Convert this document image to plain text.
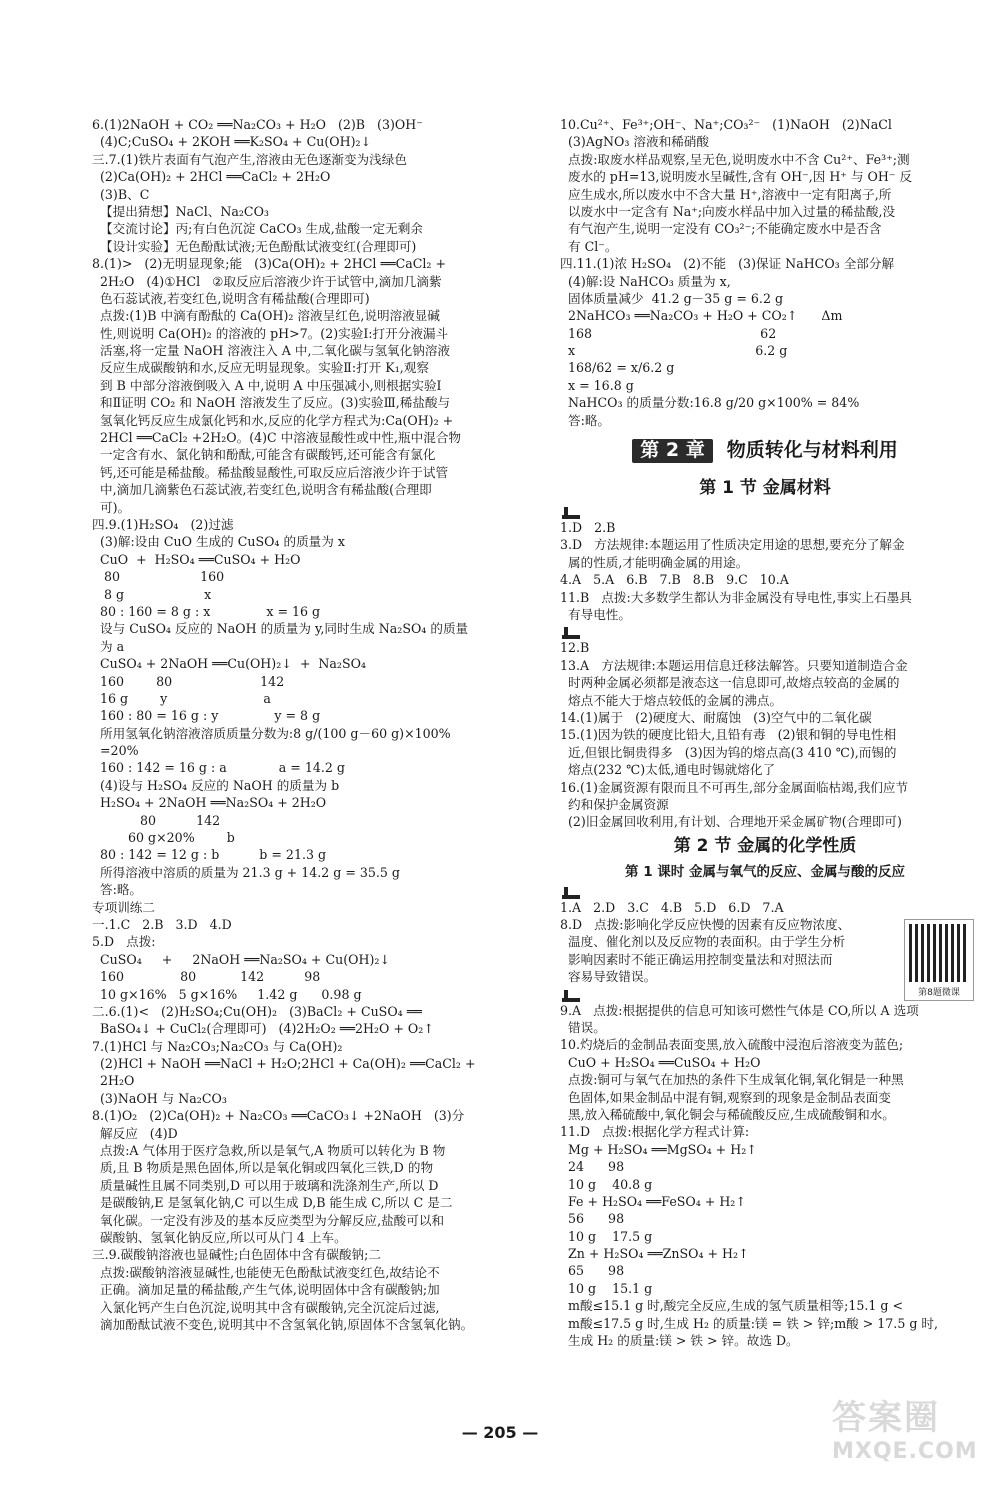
6.(1)2NaOH + CO₂ ══Na₂CO₃ + H₂O   (2)B   (3)OH⁻
(4)C;CuSO₄ + 2KOH ══K₂SO₄ + Cu(OH)₂↓
三.7.(1)铁片表面有气泡产生,溶液由无色逐渐变为浅绿色
(2)Ca(OH)₂ + 2HCl ══CaCl₂ + 2H₂O
(3)B、C
【提出猜想】NaCl、Na₂CO₃
【交流讨论】丙;有白色沉淀 CaCO₃ 生成,盐酸一定无剩余
【设计实验】无色酚酞试液;无色酚酞试液变红(合理即可)
8.(1)>   (2)无明显现象;能   (3)Ca(OH)₂ + 2HCl ══CaCl₂ +
2H₂O   (4)①HCl   ②取反应后溶液少许于试管中,滴加几滴紫
色石蕊试液,若变红色,说明含有稀盐酸(合理即可)
点拨:(1)B 中滴有酚酞的 Ca(OH)₂ 溶液呈红色,说明溶液显碱
性,则说明 Ca(OH)₂ 的溶液的 pH>7。(2)实验Ⅰ:打开分液漏斗
活塞,将一定量 NaOH 溶液注入 A 中,二氧化碳与氢氧化钠溶液
反应生成碳酸钠和水,反应无明显现象。实验Ⅱ:打开 K₁,观察
到 B 中部分溶液倒吸入 A 中,说明 A 中压强减小,则根据实验Ⅰ
和Ⅱ证明 CO₂ 和 NaOH 溶液发生了反应。(3)实验Ⅲ,稀盐酸与
氢氧化钙反应生成氯化钙和水,反应的化学方程式为:Ca(OH)₂ +
2HCl ══CaCl₂ +2H₂O。(4)C 中溶液显酸性或中性,瓶中混合物
一定含有水、氯化钠和酚酞,可能含有碳酸钙,还可能含有氯化
钙,还可能是稀盐酸。稀盐酸显酸性,可取反应后溶液少许于试管
中,滴加几滴紫色石蕊试液,若变红色,说明含有稀盐酸(合理即
可)。
四.9.(1)H₂SO₄   (2)过滤
(3)解:设由 CuO 生成的 CuSO₄ 的质量为 x
CuO  +  H₂SO₄ ══CuSO₄ + H₂O
80                    160
8 g                    x
80 : 160 = 8 g : x              x = 16 g
设与 CuSO₄ 反应的 NaOH 的质量为 y,同时生成 Na₂SO₄ 的质量
为 a
CuSO₄ + 2NaOH ══Cu(OH)₂↓  +  Na₂SO₄
160        80                      142
16 g        y                        a
160 : 80 = 16 g : y              y = 8 g
所用氢氧化钠溶液溶质质量分数为:8 g/(100 g－60 g)×100%
=20%
160 : 142 = 16 g : a             a = 14.2 g
(4)设与 H₂SO₄ 反应的 NaOH 的质量为 b
H₂SO₄ + 2NaOH ══Na₂SO₄ + 2H₂O
80          142
60 g×20%        b
80 : 142 = 12 g : b          b = 21.3 g
所得溶液中溶质的质量为 21.3 g + 14.2 g = 35.5 g
答:略。
专项训练二
一.1.C   2.B   3.D   4.D
5.D   点拨:
CuSO₄     +     2NaOH ══Na₂SO₄ + Cu(OH)₂↓
160              80           142          98
10 g×16%   5 g×16%     1.42 g      0.98 g
二.6.(1)<   (2)H₂SO₄;Cu(OH)₂   (3)BaCl₂ + CuSO₄ ══
BaSO₄↓ + CuCl₂(合理即可)   (4)2H₂O₂ ══2H₂O + O₂↑
7.(1)HCl 与 Na₂CO₃;Na₂CO₃ 与 Ca(OH)₂
(2)HCl + NaOH ══NaCl + H₂O;2HCl + Ca(OH)₂ ══CaCl₂ +
2H₂O
(3)NaOH 与 Na₂CO₃
8.(1)O₂   (2)Ca(OH)₂ + Na₂CO₃ ══CaCO₃↓ +2NaOH   (3)分
解反应   (4)D
点拨:A 气体用于医疗急救,所以是氧气,A 物质可以转化为 B 物
质,且 B 物质是黑色固体,所以是氧化铜或四氧化三铁,D 的物
质量碱性且属不同类别,D 可以用于玻璃和洗涤剂生产,所以 D
是碳酸钠,E 是氢氧化钠,C 可以生成 D,B 能生成 C,所以 C 是二
氧化碳。一定没有涉及的基本反应类型为分解反应,盐酸可以和
碳酸钠、氢氧化钠反应,所以可从门 4 上车。
三.9.碳酸钠溶液也显碱性;白色固体中含有碳酸钠;二
点拨:碳酸钠溶液显碱性,也能使无色酚酞试液变红色,故结论不
正确。滴加足量的稀盐酸,产生气体,说明固体中含有碳酸钠;加
入氯化钙产生白色沉淀,说明其中含有碳酸钠,完全沉淀后过滤,
滴加酚酞试液不变色,说明其中不含氢氧化钠,原固体不含氢氧化钠。
10.Cu²⁺、Fe³⁺;OH⁻、Na⁺;CO₃²⁻   (1)NaOH   (2)NaCl
(3)AgNO₃ 溶液和稀硝酸
点拨:取废水样品观察,呈无色,说明废水中不含 Cu²⁺、Fe³⁺;测
废水的 pH=13,说明废水呈碱性,含有 OH⁻,因 H⁺ 与 OH⁻ 反
应生成水,所以废水中不含大量 H⁺,溶液中一定有阳离子,所
以废水中一定含有 Na⁺;向废水样品中加入过量的稀盐酸,没
有气泡产生,说明一定没有 CO₃²⁻;不能确定废水中是否含
有 Cl⁻。
四.11.(1)浓 H₂SO₄   (2)不能   (3)保证 NaHCO₃ 全部分解
(4)解:设 NaHCO₃ 质量为 x,
固体质量减少  41.2 g－35 g = 6.2 g
2NaHCO₃ ══Na₂CO₃ + H₂O + CO₂↑      Δm
168                                          62
x                                             6.2 g
168/62 = x/6.2 g
x = 16.8 g
NaHCO₃ 的质量分数:16.8 g/20 g×100% = 84%
答:略。
第 2 章	物质转化与材料利用
第 1 节 金属材料
1.D   2.B
3.D   方法规律:本题运用了性质决定用途的思想,要充分了解金
属的性质,才能明确金属的用途。
4.A   5.A   6.B   7.B   8.B   9.C   10.A
11.B   点拨:大多数学生都认为非金属没有导电性,事实上石墨具
有导电性。
12.B
13.A   方法规律:本题运用信息迁移法解答。只要知道制造合金
时两种金属必须都是液态这一信息即可,故熔点较高的金属的
熔点不能大于熔点较低的金属的沸点。
14.(1)属于   (2)硬度大、耐腐蚀   (3)空气中的二氧化碳
15.(1)因为铁的硬度比铅大,且铅有毒   (2)银和铜的导电性相
近,但银比铜贵得多   (3)因为钨的熔点高(3 410 ℃),而锡的
熔点(232 ℃)太低,通电时锡就熔化了
16.(1)金属资源有限而且不可再生,部分金属面临枯竭,我们应节
约和保护金属资源
(2)旧金属回收利用,有计划、合理地开采金属矿物(合理即可)
第 2 节 金属的化学性质
第 1 课时 金属与氧气的反应、金属与酸的反应
1.A   2.D   3.C   4.B   5.D   6.D   7.A
8.D   点拨:影响化学反应快慢的因素有反应物浓度、
温度、催化剂以及反应物的表面积。由于学生分析
影响因素时不能正确运用控制变量法和对照法而
容易导致错误。
9.A   点拨:根据提供的信息可知该可燃性气体是 CO,所以 A 选项
错误。
10.灼烧后的金制品表面变黑,放入硫酸中浸泡后溶液变为蓝色;
CuO + H₂SO₄ ══CuSO₄ + H₂O
点拨:铜可与氧气在加热的条件下生成氧化铜,氧化铜是一种黑
色固体,如果金制品中混有铜,观察到的现象是金制品表面变
黑,放入稀硫酸中,氧化铜会与稀硫酸反应,生成硫酸铜和水。
11.D   点拨:根据化学方程式计算:
Mg + H₂SO₄ ══MgSO₄ + H₂↑
24      98
10 g    40.8 g
Fe + H₂SO₄ ══FeSO₄ + H₂↑
56      98
10 g    17.5 g
Zn + H₂SO₄ ══ZnSO₄ + H₂↑
65      98
10 g    15.1 g
m酸≤15.1 g 时,酸完全反应,生成的氢气质量相等;15.1 g <
m酸≤17.5 g 时,生成 H₂ 的质量:镁 = 铁 > 锌;m酸 > 17.5 g 时,
生成 H₂ 的质量:镁 > 铁 > 锌。故选 D。
第8题微课
— 205 —	答案圈
MXQE.COM
